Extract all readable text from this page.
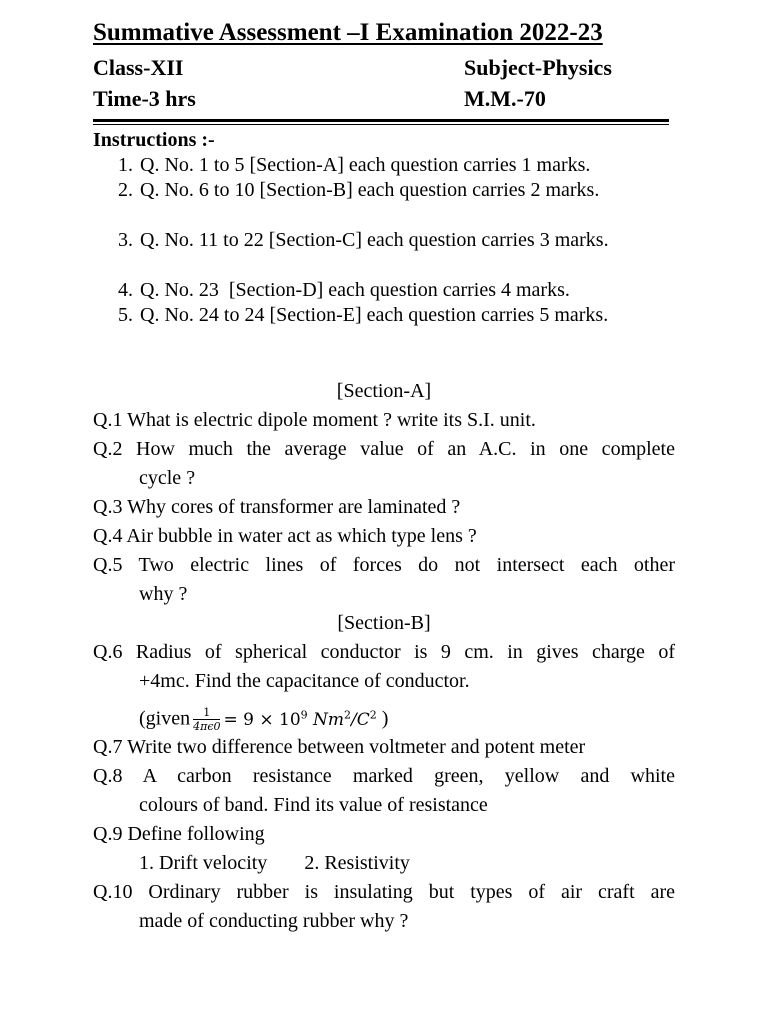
Summative Assessment –I Examination 2022-23
Class-XII	Subject-Physics
Time-3 hrs	M.M.-70
Instructions :-
1. Q. No. 1 to 5 [Section-A] each question carries 1 marks.
2. Q. No. 6 to 10 [Section-B] each question carries 2 marks.
3. Q. No. 11 to 22 [Section-C] each question carries 3 marks.
4. Q. No. 23  [Section-D] each question carries 4 marks.
5. Q. No. 24 to 24 [Section-E] each question carries 5 marks.
[Section-A]
Q.1 What is electric dipole moment ? write its S.I. unit.
Q.2 How much the average value of an A.C. in one complete
cycle ?
Q.3 Why cores of transformer are laminated ?
Q.4 Air bubble in water act as which type lens ?
Q.5 Two electric lines of forces do not intersect each other
why ?
[Section-B]
Q.6 Radius of spherical conductor is 9 cm. in gives charge of
+4mc. Find the capacitance of conductor.
(given $\frac{1}{4\pi\epsilon 0} = 9 \times 10^9$ $Nm^2/C^2$ )
Q.7 Write two difference between voltmeter and potent meter
Q.8 A carbon resistance marked green, yellow and white
colours of band. Find its value of resistance
Q.9 Define following
1. Drift velocity 2. Resistivity
Q.10 Ordinary rubber is insulating but types of air craft are
made of conducting rubber why ?
